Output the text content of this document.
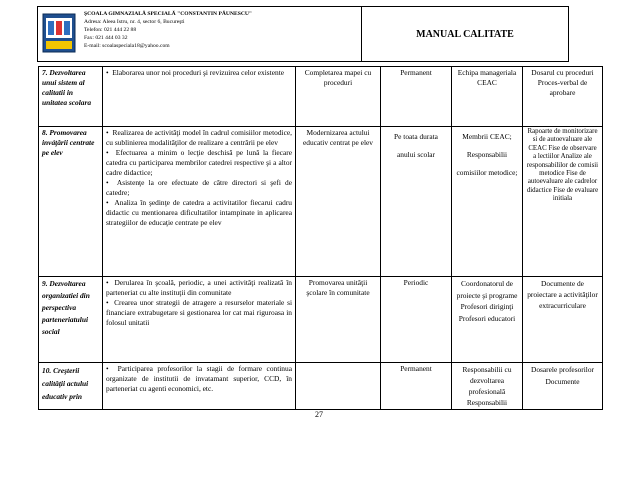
ŞCOALA GIMNAZIALĂ SPECIALĂ "CONSTANTIN PĂUNESCU"
Adresa: Aleea Istru, nr. 4, sector 6, Bucureşti
Telefon: 021 444 22 88
Fax: 021 444 03 32
E-mail: scoalaspeciala18@yahoo.com
MANUAL CALITATE
7. Dezvoltarea unui sistem al calitatii in unitatea scolara	•  Elaborarea unor noi proceduri şi revizuirea celor existente	Completarea mapei cu proceduri	Permanent	Echipa manageriala CEAC	Dosarul cu proceduri Proces-verbal de aprobare
8. Promovarea inváţării centrate pe elev	•  Realizarea de activităţi model în cadrul comisiilor metodice, cu sublinierea modalităţilor de realizare a centrării pe elev
•  Efectuarea a minim o lecţie deschisă pe lună la fiecare catedra cu participarea membrilor catedrei respective şi a altor cadre didactice;
•  Asistenţe la ore efectuate de către directori si şefi de catedre;
•  Analiza în şedinţe de catedra a activitatilor fiecarui cadru didactic cu mentionarea dificultatilor intampinate in aplicarea strategiilor de educaţie centrate pe elev	Modernizarea actului educativ centrat pe elev	Pe toata durata anului scolar	Membrii CEAC; Responsabilii comisiilor metodice;	Rapoarte de monitorizare si de autoevaluare ale CEAC Fise de observare a lectiilor Analize ale responsabililor de comisii metodice Fise de autoevaluare ale cadrelor didactice Fise de evaluare initiala
9. Dezvoltarea organizatiei din perspectiva parteneriatului social	•  Derularea în şcoală, periodic, a unei activităţi realizată în parteneriat cu alte instituţii din comunitate
•  Crearea unor strategii de atragere a resurselor materiale si financiare extrabugetare si gestionarea lor cat mai riguroasa in folosul unitatii	Promovarea unităţii şcolare în comunitate	Periodic	Coordonatorul de proiecte şi programe Profesori diriginţi Profesori educatori	Documente de proiectare a activităţilor extracurriculare
10. Creşterii calităţii actului educativ prin	•  Participarea profesorilor la stagii de formare continua organizate de institutii de invatamant superior, CCD, în parteneriat cu agenti economici, etc.		Permanent	Responsabilii cu dezvoltarea profesională Responsabilii	Dosarele profesorilor Documente
27
